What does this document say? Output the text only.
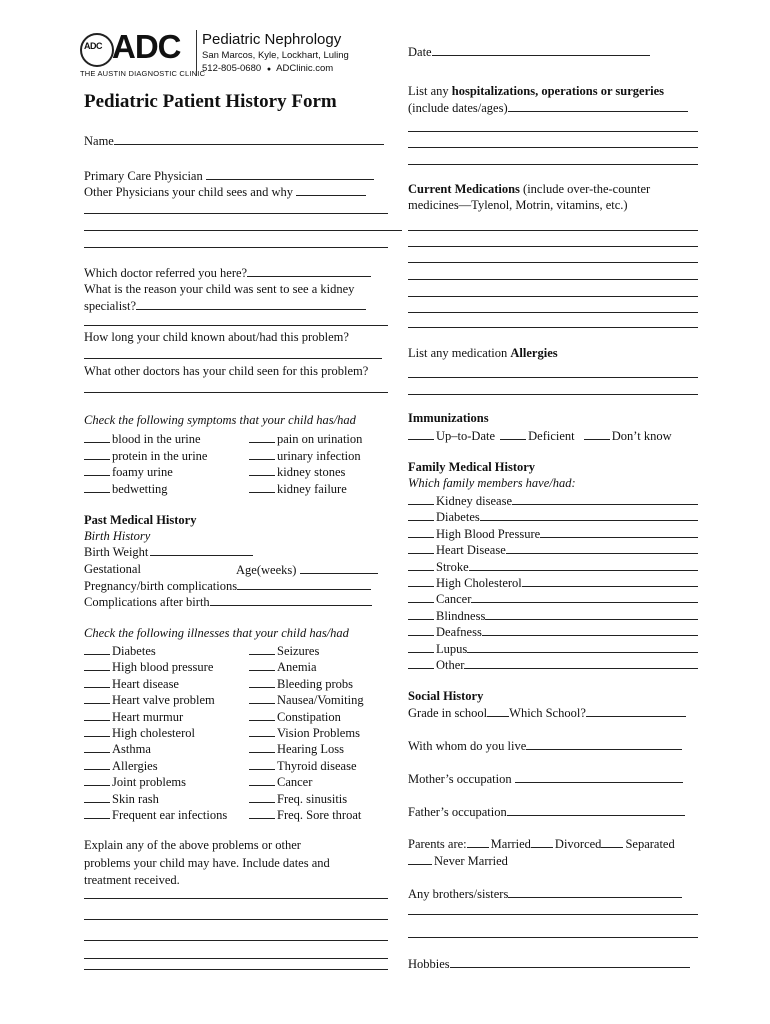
ADC ADC
THE AUSTIN DIAGNOSTIC CLINIC
Pediatric Nephrology
San Marcos, Kyle, Lockhart, Luling
512-805-0680 ● ADClinic.com
Pediatric Patient History Form
Name
Primary Care Physician
Other Physicians your child sees and why
Which doctor referred you here?
What is the reason your child was sent to see a kidney
specialist?
How long your child known about/had this problem?
What other doctors has your child seen for this problem?
Check the following symptoms that your child has/had
blood in the urine	pain on urination
protein in the urine	urinary infection
foamy urine	kidney stones
bedwetting	kidney failure
Past Medical History
Birth History
Birth Weight
Gestational	Age(weeks)
Pregnancy/birth complications
Complications after birth
Check the following illnesses that your child has/had
Diabetes	Seizures
High blood pressure	Anemia
Heart disease	Bleeding probs
Heart valve problem	Nausea/Vomiting
Heart murmur	Constipation
High cholesterol	Vision Problems
Asthma	Hearing Loss
Allergies	Thyroid disease
Joint problems	Cancer
Skin rash	Freq. sinusitis
Frequent ear infections	Freq. Sore throat
Explain any of the above problems or other
problems your child may have. Include dates and
treatment received.
Date
List any hospitalizations, operations or surgeries
(include dates/ages)
Current Medications (include over-the-counter
medicines—Tylenol, Motrin, vitamins, etc.)
List any medication Allergies
Immunizations
Up–to-Date	Deficient	Don’t know
Family Medical History
Which family members have/had:
Kidney disease
Diabetes
High Blood Pressure
Heart Disease
Stroke
High Cholesterol
Cancer
Blindness
Deafness
Lupus
Other
Social History
Grade in school Which School?
With whom do you live
Mother’s occupation
Father’s occupation
Parents are: Married Divorced Separated
Never Married
Any brothers/sisters
Hobbies
